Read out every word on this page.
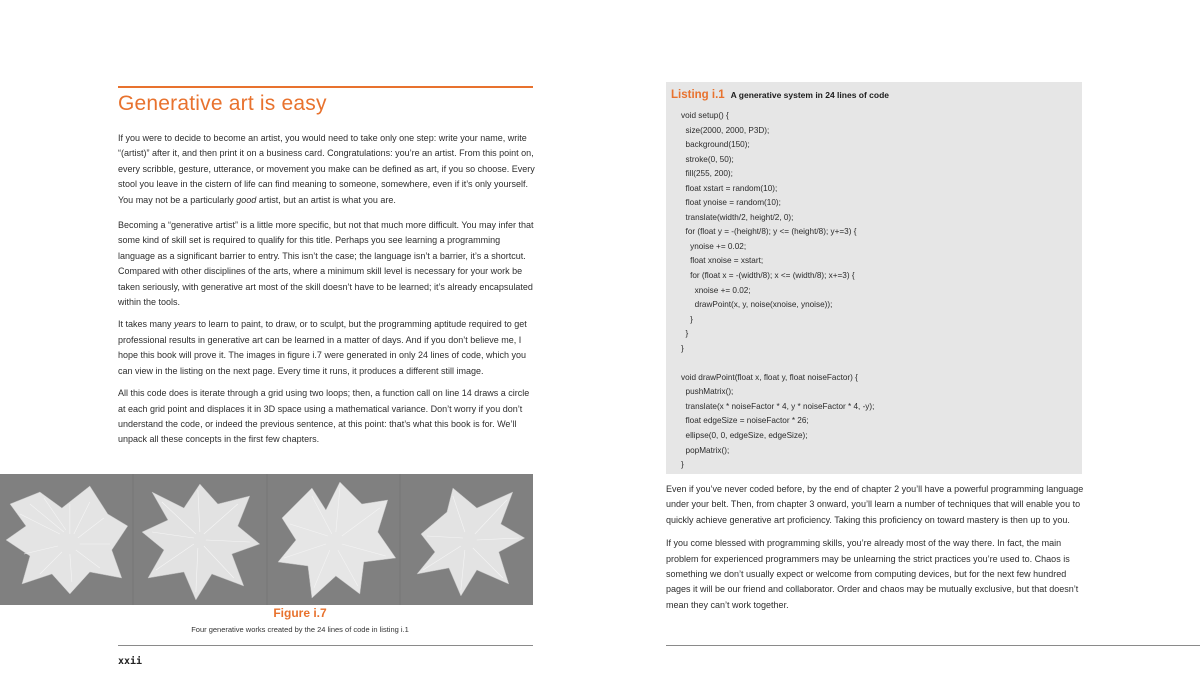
Generative art is easy

If you were to decide to become an artist, you would need to take only one step: write your name, write “(artist)” after it, and then print it on a business card. Congratulations: you’re an artist. From this point on, every scribble, gesture, utterance, or movement you make can be defined as art, if you so choose. Every stool you leave in the cistern of life can find meaning to someone, somewhere, even if it’s only yourself. You may not be a particularly good artist, but an artist is what you are.

Becoming a “generative artist” is a little more specific, but not that much more difficult. You may infer that some kind of skill set is required to qualify for this title. Perhaps you see learning a programming language as a significant barrier to entry. This isn’t the case; the language isn’t a barrier, it’s a shortcut. Compared with other disciplines of the arts, where a minimum skill level is necessary for your work be taken seriously, with generative art most of the skill doesn’t have to be learned; it’s already encapsulated within the tools.

It takes many years to learn to paint, to draw, or to sculpt, but the programming aptitude required to get professional results in generative art can be learned in a matter of days. And if you don’t believe me, I hope this book will prove it. The images in figure i.7 were generated in only 24 lines of code, which you can view in the listing on the next page. Every time it runs, it produces a different still image.

All this code does is iterate through a grid using two loops; then, a function call on line 14 draws a circle at each grid point and displaces it in 3D space using a mathematical variance. Don’t worry if you don’t understand the code, or indeed the previous sentence, at this point: that’s what this book is for. We’ll unpack all these concepts in the first few chapters.

Figure i.7
Four generative works created by the 24 lines of code in listing i.1
xxii
Listing i.1 A generative system in 24 lines of code
void setup() {
size(2000, 2000, P3D);
background(150);
stroke(0, 50);
fill(255, 200);
float xstart = random(10);
float ynoise = random(10);
translate(width/2, height/2, 0);
for (float y = -(height/8); y <= (height/8); y+=3) {
ynoise += 0.02;
float xnoise = xstart;
for (float x = -(width/8); x <= (width/8); x+=3) {
xnoise += 0.02;
drawPoint(x, y, noise(xnoise, ynoise));
}
}
}

void drawPoint(float x, float y, float noiseFactor) {
pushMatrix();
translate(x * noiseFactor * 4, y * noiseFactor * 4, -y);
float edgeSize = noiseFactor * 26;
ellipse(0, 0, edgeSize, edgeSize);
popMatrix();
}

Even if you’ve never coded before, by the end of chapter 2 you’ll have a powerful programming language under your belt. Then, from chapter 3 onward, you’ll learn a number of techniques that will enable you to quickly achieve generative art proficiency. Taking this proficiency on toward mastery is then up to you.

If you come blessed with programming skills, you’re already most of the way there. In fact, the main problem for experienced programmers may be unlearning the strict practices you’re used to. Chaos is something we don’t usually expect or welcome from computing devices, but for the next few hundred pages it will be our friend and collaborator. Order and chaos may be mutually exclusive, but that doesn’t mean they can’t work together.
